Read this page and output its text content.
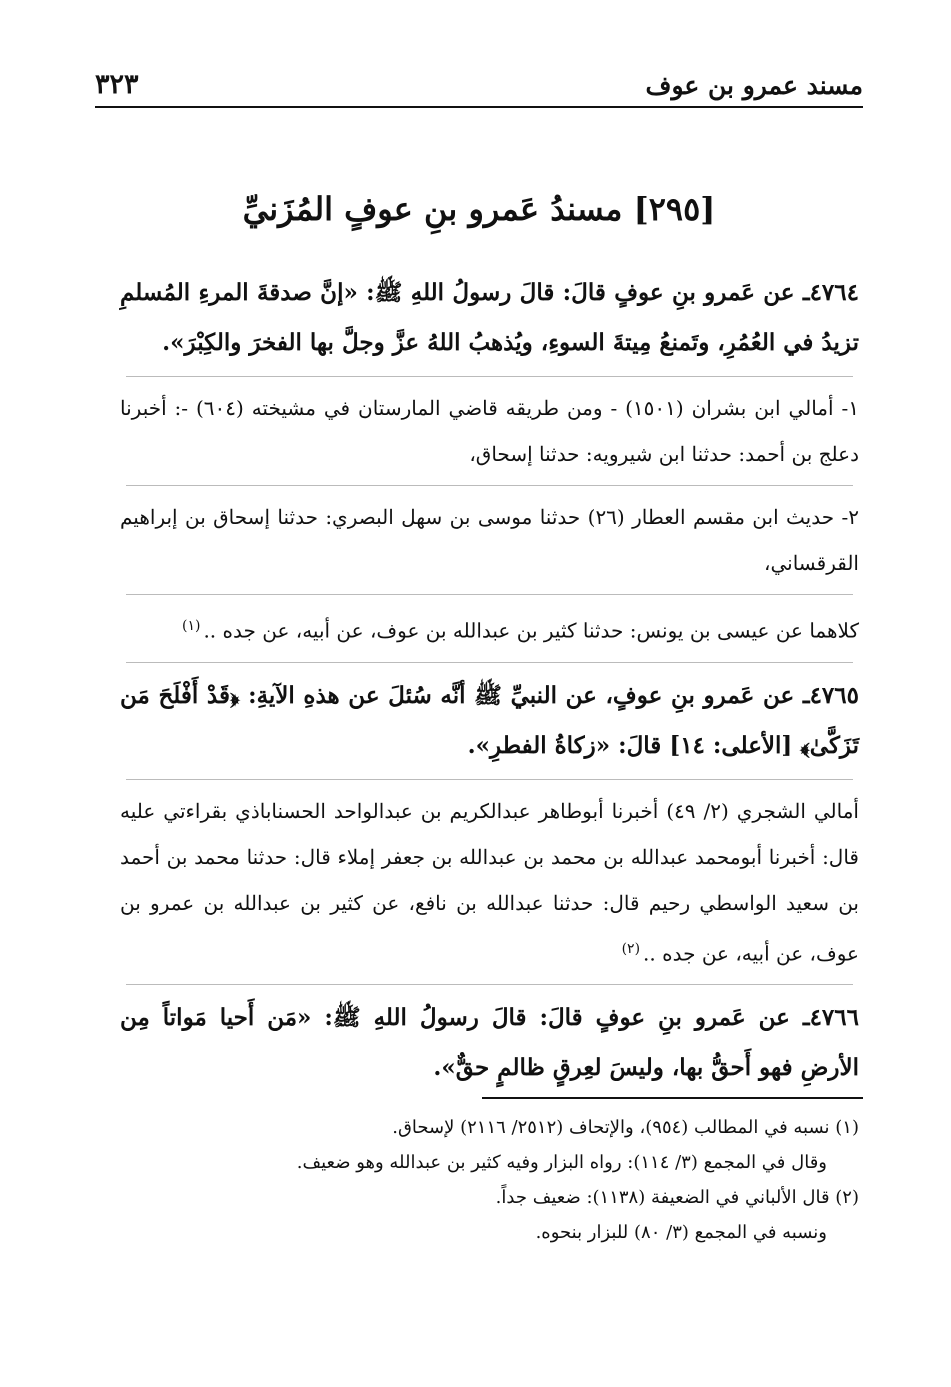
مسند عمرو بن عوف
٣٢٣
[٢٩٥] مسندُ عَمرو بنِ عوفٍ المُزَنيِّ

٤٧٦٤ـ عن عَمرو بنِ عوفٍ قالَ: قالَ رسولُ اللهِ ﷺ: «إنَّ صدقةَ المرءِ المُسلمِ تزيدُ في العُمُرِ، وتَمنعُ مِيتةَ السوءِ، ويُذهبُ اللهُ عزَّ وجلَّ بها الفخرَ والكِبْرَ».

١- أمالي ابن بشران (١٥٠١) - ومن طريقه قاضي المارستان في مشيخته (٦٠٤) -: أخبرنا دعلج بن أحمد: حدثنا ابن شيرويه: حدثنا إسحاق،

٢- حديث ابن مقسم العطار (٢٦) حدثنا موسى بن سهل البصري: حدثنا إسحاق بن إبراهيم القرقساني،

كلاهما عن عيسى بن يونس: حدثنا كثير بن عبدالله بن عوف، عن أبيه، عن جده ..$^{(١)}$

٤٧٦٥ـ عن عَمرو بنِ عوفٍ، عن النبيِّ ﷺ أنَّه سُئلَ عن هذهِ الآيةِ: ﴿قَدْ أَفْلَحَ مَن تَزَكَّىٰ﴾ [الأعلى: ١٤] قالَ: «زكاةُ الفطرِ».

أمالي الشجري (٢/ ٤٩) أخبرنا أبوطاهر عبدالكريم بن عبدالواحد الحسناباذي بقراءتي عليه قال: أخبرنا أبومحمد عبدالله بن محمد بن عبدالله بن جعفر إملاء قال: حدثنا محمد بن أحمد بن سعيد الواسطي رحيم قال: حدثنا عبدالله بن نافع، عن كثير بن عبدالله بن عمرو بن عوف، عن أبيه، عن جده ..$^{(٢)}$

٤٧٦٦ـ عن عَمرو بنِ عوفٍ قالَ: قالَ رسولُ اللهِ ﷺ: «مَن أَحيا مَواتاً مِن الأرضِ فهو أَحقُّ بها، وليسَ لعِرقٍ ظالمٍ حقٌّ».

(١) نسبه في المطالب (٩٥٤)، والإتحاف (٢٥١٢/ ٢١١٦) لإسحاق.

وقال في المجمع (٣/ ١١٤): رواه البزار وفيه كثير بن عبدالله وهو ضعيف.

(٢) قال الألباني في الضعيفة (١١٣٨): ضعيف جداً.

ونسبه في المجمع (٣/ ٨٠) للبزار بنحوه.
